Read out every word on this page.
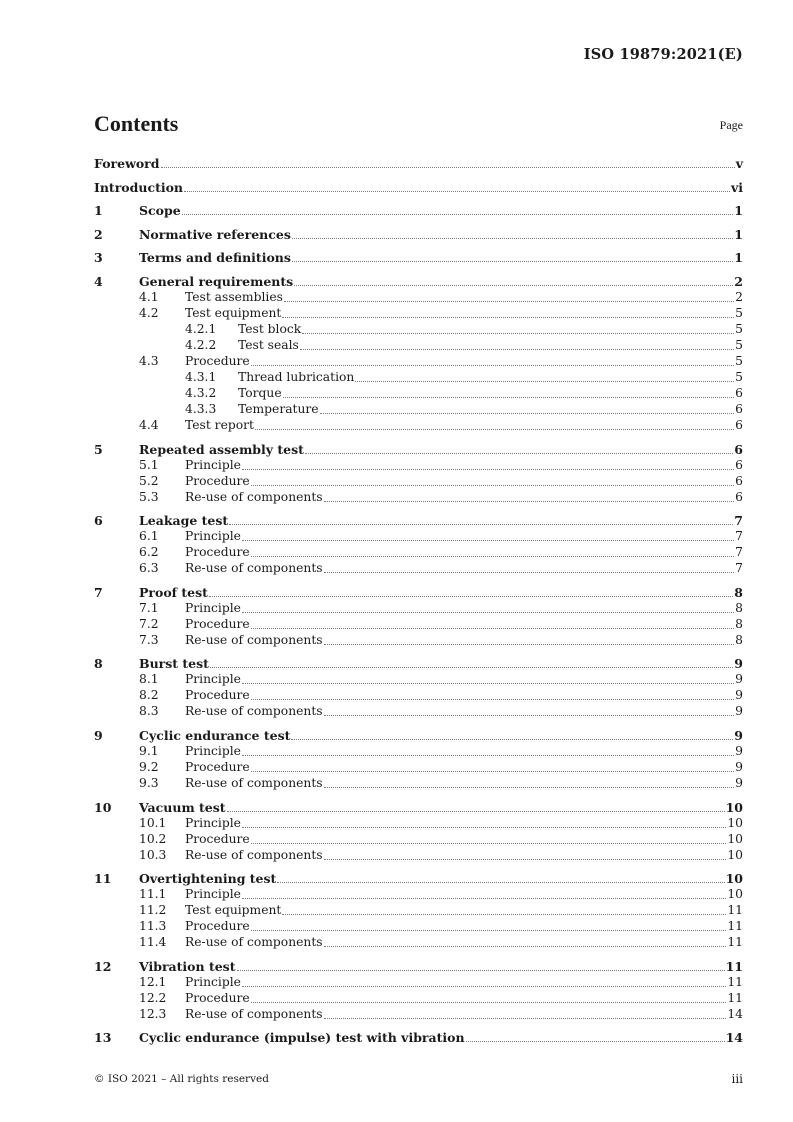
ISO 19879:2021(E)
Contents	Page
Foreword	v
Introduction	vi
1	Scope	1
2	Normative references	1
3	Terms and definitions	1
4	General requirements	2
4.1	Test assemblies	2
4.2	Test equipment	5
4.2.1	Test block	5
4.2.2	Test seals	5
4.3	Procedure	5
4.3.1	Thread lubrication	5
4.3.2	Torque	6
4.3.3	Temperature	6
4.4	Test report	6
5	Repeated assembly test	6
5.1	Principle	6
5.2	Procedure	6
5.3	Re-use of components	6
6	Leakage test	7
6.1	Principle	7
6.2	Procedure	7
6.3	Re-use of components	7
7	Proof test	8
7.1	Principle	8
7.2	Procedure	8
7.3	Re-use of components	8
8	Burst test	9
8.1	Principle	9
8.2	Procedure	9
8.3	Re-use of components	9
9	Cyclic endurance test	9
9.1	Principle	9
9.2	Procedure	9
9.3	Re-use of components	9
10	Vacuum test	10
10.1	Principle	10
10.2	Procedure	10
10.3	Re-use of components	10
11	Overtightening test	10
11.1	Principle	10
11.2	Test equipment	11
11.3	Procedure	11
11.4	Re-use of components	11
12	Vibration test	11
12.1	Principle	11
12.2	Procedure	11
12.3	Re-use of components	14
13	Cyclic endurance (impulse) test with vibration	14
© ISO 2021 – All rights reserved	iii
